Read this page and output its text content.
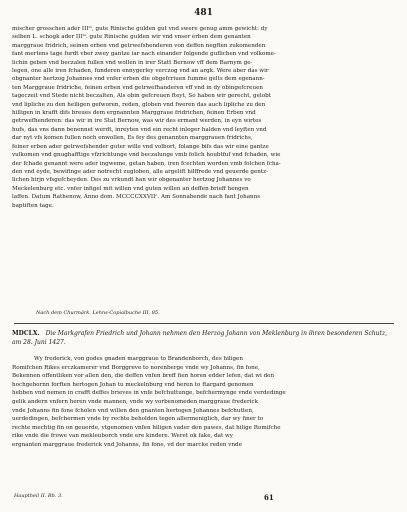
481
mischer grosschen ader IIIᵐ, gute Rinische gulden gut vnd swere genug amm gewicht: dy
selben L. schogk ader IIIᵐ. gute Rinische gulden wir vnd vnser erben dem genanten
marggraue fridrich, seinen erben vnd getrwefshenderen von deffen negften zukomenden
fant mertens tage furdt vber zwey gantze iar nach einander folgende guflichen vnd volkome-
lichin geben vnd beczalen fullen vnd wollen in irer Statt Bernow vff dem Barnym ge-
legen, one alle iren fchaden, funderen ennygerley verczog vnd an argk. Were aber das wir
obgnanter hertzog Johannes vnd vnfer erben die obgefcriuen fumme gelts dem egenann-
ten Marggraue fridriche, feinen erben vnd getrwefhanderen vff vnd in dy obingefcreuen
tageczeit vnd Stede nicht beczalten, Als obin gefcreuen fteyt, So haben wir gerecht, gelobt
vnd lipliche zu den heiligen gefworen, reden, globen vnd fweren das auch lipliche zu den
hilligen in krafft difs breues dem ergnannten Marggraue fridrichen, feinen Erben vnd
getrwefhenderen: das wir in ire Stat Bernow, was wir des ermant werden, in eyn wirtes
hufs, das vns dann benennet werdt, inreyten vnd ein recht inleger halden vnd leyften vnd
dar nyt vfs komen fullen noch enwollen, Es fey des genannten marggrauen fridrichs,
feiner erben ader getrwefshender guter wille vnd volbort, folange bifs das wir eine gantze
vulkomen vnd gnughafftige vfzrichtunge vnd beczalunge vmb folich houbtfuf vnd fchaden, wie
der fchade genannt were ader ingweme, getan haben, iren fcechten worden vmb folchen fcha-
den vnd eyde, bewifinge ader notrecht zugloben, alle argelift hilffrede vnd geuerde gentz-
lichen hirjn vfsgefcheyden. Des zu vrkundt han wir obgenanter hertzog Johannes vo
Meckelenburg etc. vnfer infigel mit willen vnd guten willen an deffen brieff hengen
laffen. Datum Rathenow, Anno dom. MCCCCXXVIIᵒ. Am Sonnabende nach fant Johanns
baptiften tage.
Nach dem Churmärk. Lehns-Copialbuche III, 85.
MDCLX. Die Markgrafen Friedrich und Johann nehmen den Herzog Johann von Meklenburg in ihren besonderen Schutz, am 28. Juni 1427.
Wy frederick, von godes gnaden marggraue to Brandenborch, des hiligen
Romifchen Rikes erczkamerer vnd Borggreve to norenberge vnde wy Johanns, fin fone,
Bekennen offentliken vor allen den, die deffen vnfen breff fien horen edder lefen, dat wi den
hochgebornn forften hertogen Johan tu meckelnburg vnd heren to ftargard genomen
hebben vnd nemen in crafft deffes brieves in vnfe befchuttunge, befchermynge vnde verdedinge
gelik andern vnfern heren vnde mannen, vnde wy vorbenomeden marggraue frederick
vnde Johanns fin fone fcholen vnd willen den gnanten hertogen Johannes befchutten,
uerdedingen, befchermen vnde by rechte beholden tegen allermeniglich, dar wy finer to
rechte mechtig fin on geuerde, vtgenomen vnfen hiligen vader den pawes, dat hilige Romifche
rike vnde die frowe van mekleuborch vnde ere kindere. Weret ok fake, dat wy
ergnanten marggraue frederick vnd Johanns, fin fone, vd der marcke reden vnde
Hauptheil II. Bb. 3.	61
